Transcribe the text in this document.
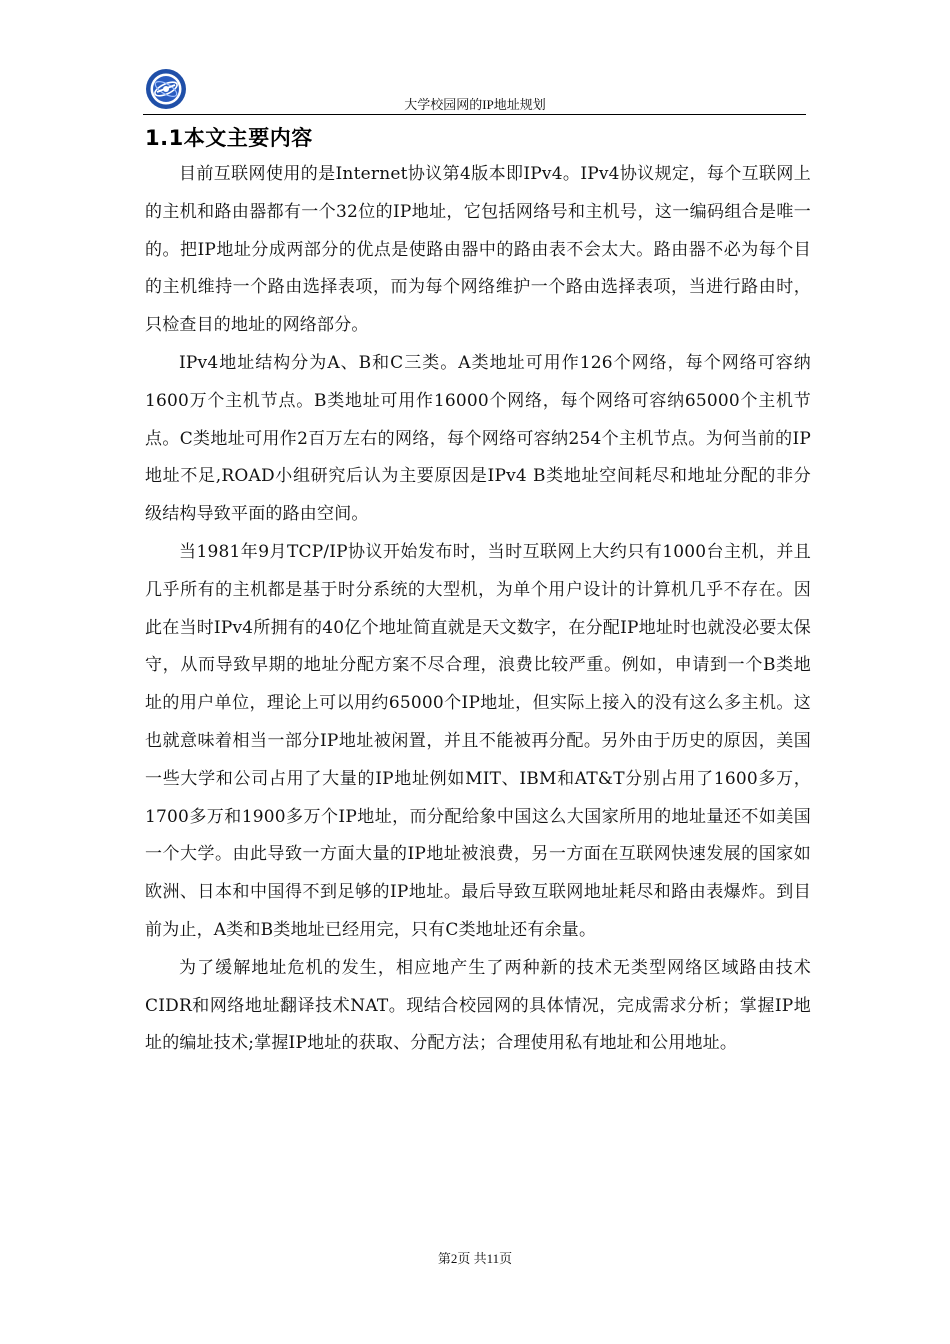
大学校园网的IP地址规划
1.1本文主要内容

目前互联网使用的是Internet协议第4版本即IPv4。IPv4协议规定，每个互联网上的主机和路由器都有一个32位的IP地址，它包括网络号和主机号，这一编码组合是唯一的。把IP地址分成两部分的优点是使路由器中的路由表不会太大。路由器不必为每个目的主机维持一个路由选择表项，而为每个网络维护一个路由选择表项，当进行路由时，只检查目的地址的网络部分。

IPv4地址结构分为A、B和C三类。A类地址可用作126个网络，每个网络可容纳1600万个主机节点。B类地址可用作16000个网络，每个网络可容纳65000个主机节点。C类地址可用作2百万左右的网络，每个网络可容纳254个主机节点。为何当前的IP 地址不足,ROAD小组研究后认为主要原因是IPv4 B类地址空间耗尽和地址分配的非分级结构导致平面的路由空间。

当1981年9月TCP/IP协议开始发布时，当时互联网上大约只有1000台主机，并且几乎所有的主机都是基于时分系统的大型机，为单个用户设计的计算机几乎不存在。因此在当时IPv4所拥有的40亿个地址简直就是天文数字，在分配IP地址时也就没必要太保守，从而导致早期的地址分配方案不尽合理，浪费比较严重。例如，申请到一个B类地址的用户单位，理论上可以用约65000个IP地址，但实际上接入的没有这么多主机。这也就意味着相当一部分IP地址被闲置，并且不能被再分配。另外由于历史的原因，美国一些大学和公司占用了大量的IP地址例如MIT、IBM和AT&T分别占用了1600多万，1700多万和1900多万个IP地址，而分配给象中国这么大国家所用的地址量还不如美国一个大学。由此导致一方面大量的IP地址被浪费，另一方面在互联网快速发展的国家如欧洲、日本和中国得不到足够的IP地址。最后导致互联网地址耗尽和路由表爆炸。到目前为止，A类和B类地址已经用完，只有C类地址还有余量。

为了缓解地址危机的发生，相应地产生了两种新的技术无类型网络区域路由技术CIDR和网络地址翻译技术NAT。现结合校园网的具体情况，完成需求分析；掌握IP地址的编址技术;掌握IP地址的获取、分配方法；合理使用私有地址和公用地址。

第2页 共11页
